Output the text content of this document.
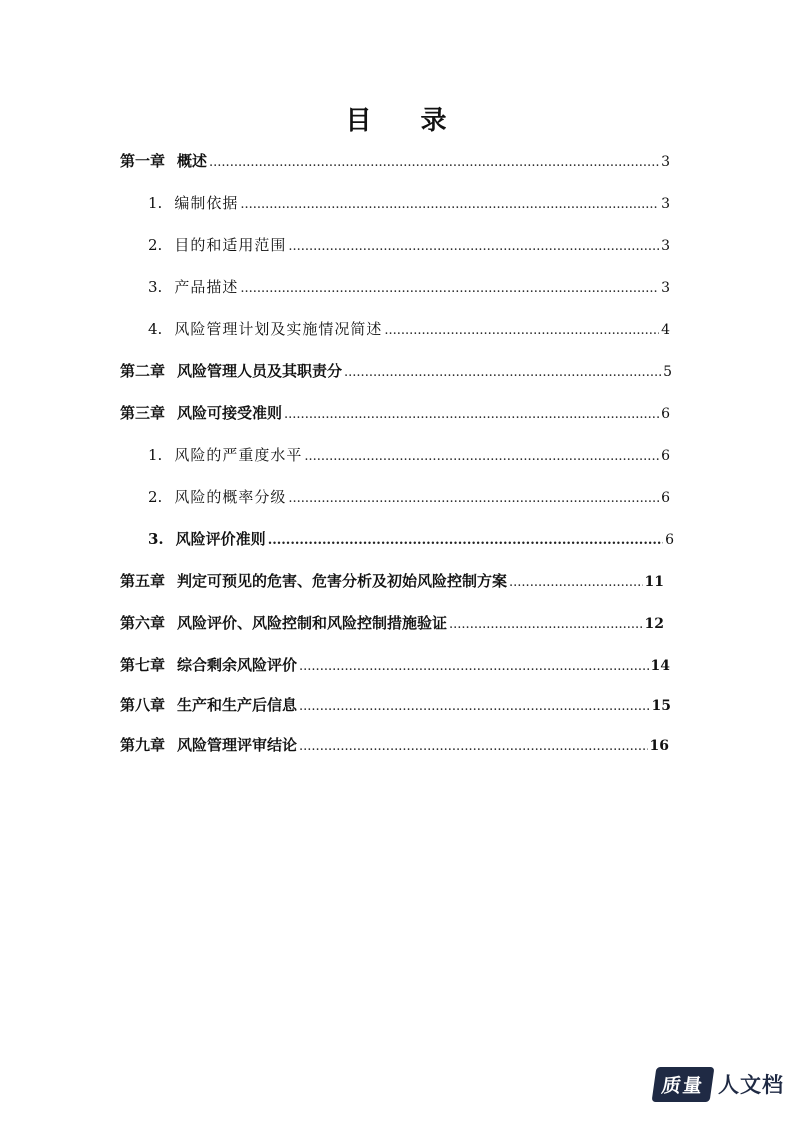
目 录
第一章 概述 .....	3
1. 编制依据 .....	3
2. 目的和适用范围 .....	3
3. 产品描述 .....	3
4. 风险管理计划及实施情况简述 .....	4
第二章 风险管理人员及其职责分 .....	5
第三章 风险可接受准则 .....	6
1. 风险的严重度水平 .....	6
2. 风险的概率分级 .....	6
3. 风险评价准则 .....	6
第五章 判定可预见的危害、危害分析及初始风险控制方案 .....	11
第六章 风险评价、风险控制和风险控制措施验证 .....	12
第七章 综合剩余风险评价 .....	14
第八章 生产和生产后信息 .....	15
第九章 风险管理评审结论 .....	16
质量 人文档
